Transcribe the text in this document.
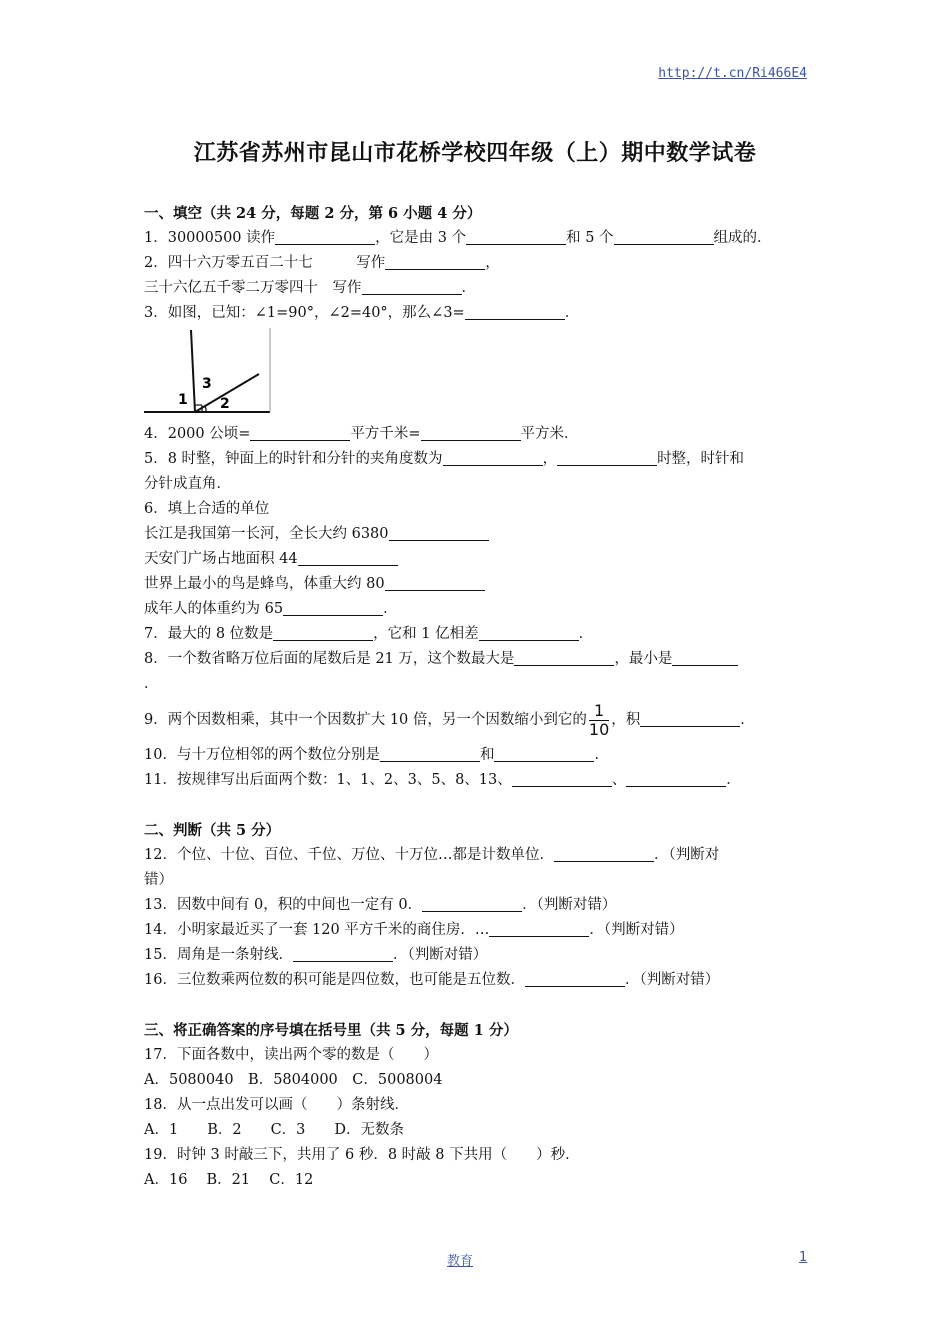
http://t.cn/Ri466E4
江苏省苏州市昆山市花桥学校四年级（上）期中数学试卷
一、填空（共 24 分，每题 2 分，第 6 小题 4 分）
1．30000500 读作	，它是由 3 个	和 5 个	组成的．
2．四十六万零五百二十七　　　写作	，
三十六亿五千零二万零四十　写作	．
3．如图，已知：∠1=90°，∠2=40°，那么∠3=	．
1
3
2
4．2000 公顷=	平方千米=	平方米．
5．8 时整，钟面上的时针和分针的夹角度数为	，	时整，时针和
分针成直角．
6．填上合适的单位
长江是我国第一长河，全长大约 6380
天安门广场占地面积 44
世界上最小的鸟是蜂鸟，体重大约 80
成年人的体重约为 65	．
7．最大的 8 位数是	，它和 1 亿相差	．
8．一个数省略万位后面的尾数后是 21 万，这个数最大是	，最小是
．
9．两个因数相乘，其中一个因数扩大 10 倍，另一个因数缩小到它的 $\frac{1}{10}$ ，积	．
10．与十万位相邻的两个数位分别是	和	．
11．按规律写出后面两个数：1、1、2、3、5、8、13、	、	．
二、判断（共 5 分）
12．个位、十位、百位、千位、万位、十万位…都是计数单位．	．（判断对
错）
13．因数中间有 0，积的中间也一定有 0．	．（判断对错）
14．小明家最近买了一套 120 平方千米的商住房．…	．（判断对错）
15．周角是一条射线．	．（判断对错）
16．三位数乘两位数的积可能是四位数，也可能是五位数．	．（判断对错）
三、将正确答案的序号填在括号里（共 5 分，每题 1 分）
17．下面各数中，读出两个零的数是（　　）
A．5080040　B．5804000　C．5008004
18．从一点出发可以画（　　）条射线．
A．1　　B．2　　C．3　　D．无数条
19．时钟 3 时敲三下，共用了 6 秒．8 时敲 8 下共用（　　）秒．
A．16　 B．21　 C．12
教育	1
